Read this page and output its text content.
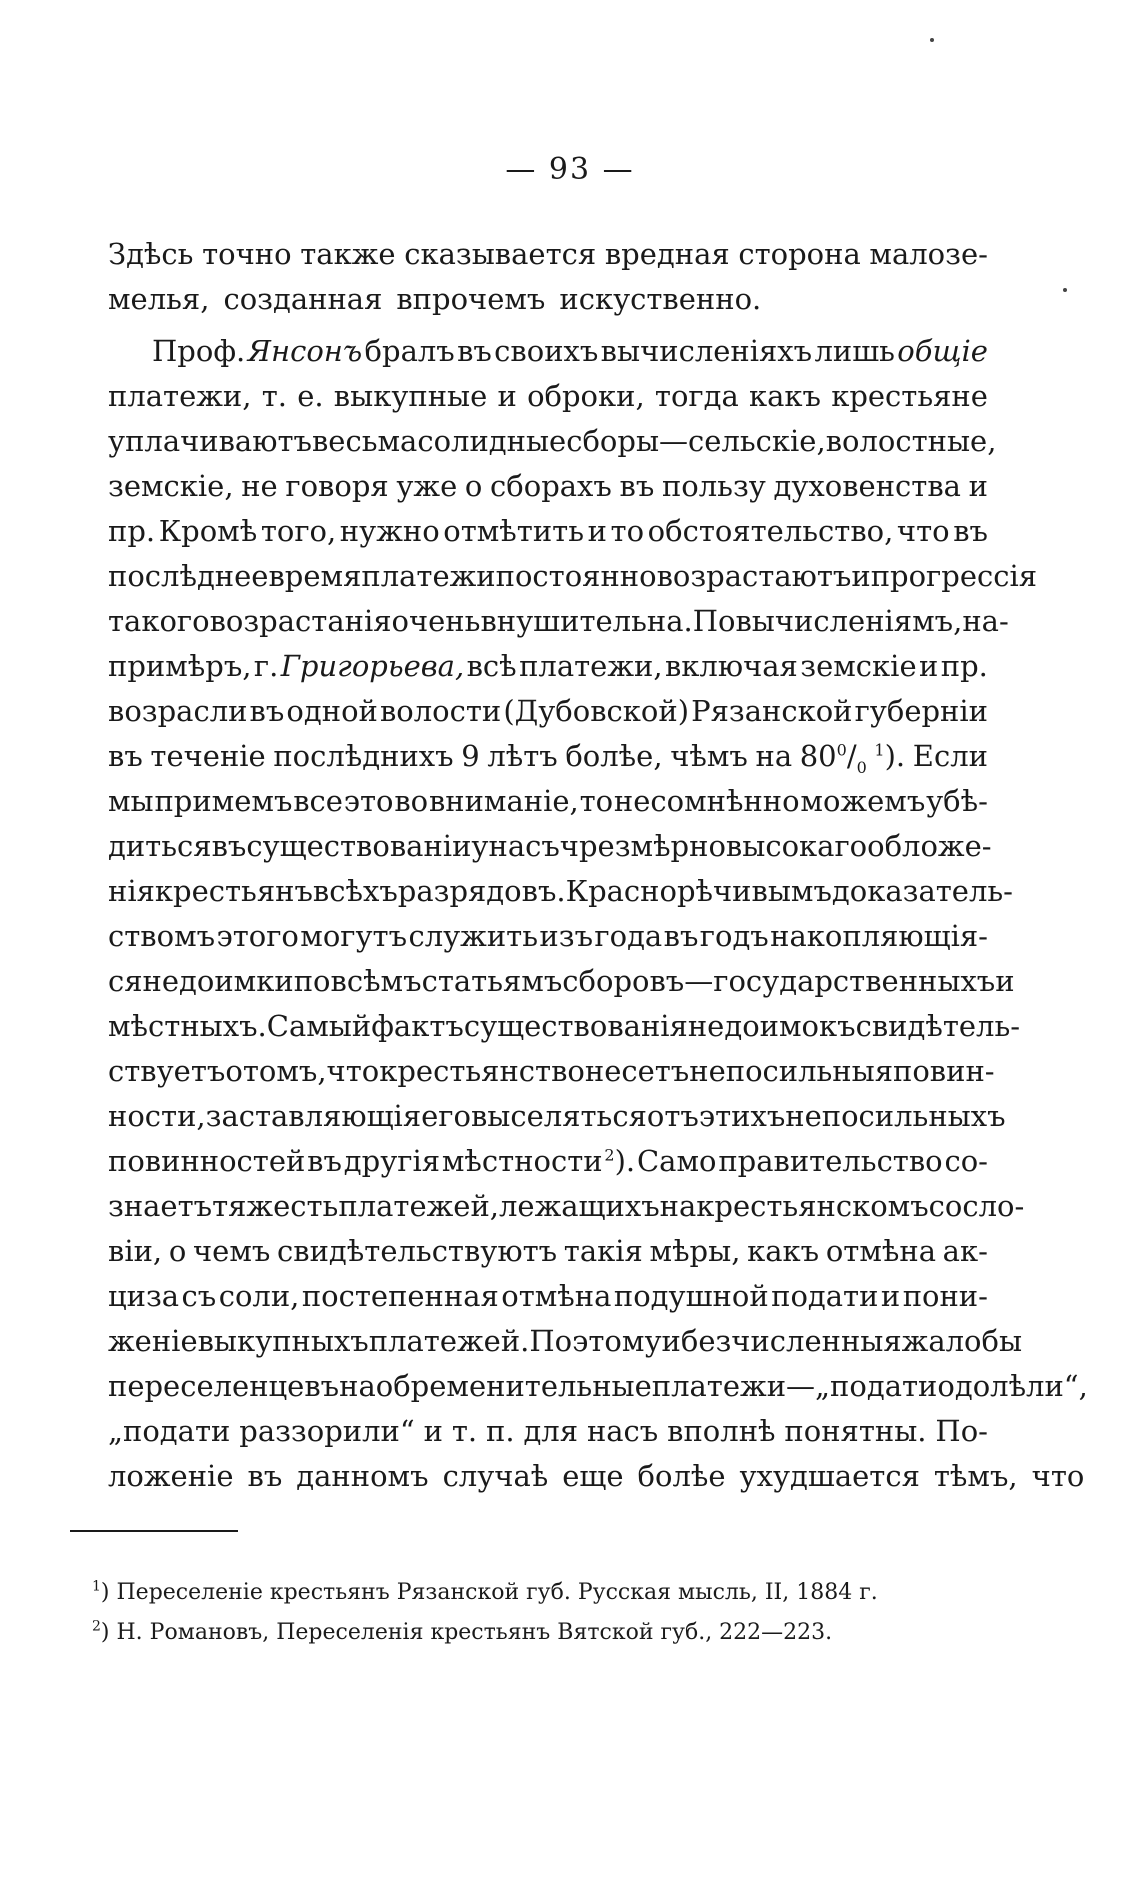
— 93 —
Здѣсь точно также сказывается вредная сторона малозе-
мелья, созданная впрочемъ искуственно.
Проф. Янсонъ бралъ въ своихъ вычисленіяхъ лишь общіе
платежи, т. е. выкупные и оброки, тогда какъ крестьяне
уплачиваютъ весьма солидные сборы—сельскіе, волостные,
земскіе, не говоря уже о сборахъ въ пользу духовенства и
пр. Кромѣ того, нужно отмѣтить и то обстоятельство, что въ
послѣднее время платежи постоянно возрастаютъ и прогрессія
такого возрастанія очень внушительна. По вычисленіямъ, на-
примѣръ, г. Григорьева, всѣ платежи, включая земскіе и пр.
возрасли въ одной волости (Дубовской) Рязанской губерніи
въ теченіе послѣднихъ 9 лѣтъ болѣе, чѣмъ на $80^0/_0$
$^1$). Если
мы примемъ все это во вниманіе, то несомнѣнно можемъ убѣ-
диться въ существованіи у насъ чрезмѣрно высокаго обложе-
нія крестьянъ всѣхъ разрядовъ. Краснорѣчивымъ доказатель-
ствомъ этого могутъ служить изъ года въ годъ накопляющія-
ся недоимки по всѣмъ статьямъ сборовъ—государственныхъ и
мѣстныхъ. Самый фактъ существованія недоимокъ свидѣтель-
ствуетъ о томъ, что крестьянство несетъ непосильныя повин-
ности, заставляющія его выселяться отъ этихъ непосильныхъ
повинностей въ другія мѣстности $^2$). Само правительство со-
знаетъ тяжесть платежей, лежащихъ на крестьянскомъ сосло-
віи, о чемъ свидѣтельствуютъ такія мѣры, какъ отмѣна ак-
циза съ соли, постепенная отмѣна подушной подати и пони-
женіе выкупныхъ платежей. Поэтому и безчисленныя жалобы
переселенцевъ на обременительные платежи — „подати одолѣли“,
„подати раззорили“ и т. п. для насъ вполнѣ понятны. По-
ложеніе въ данномъ случаѣ еще болѣе ухудшается тѣмъ, что
$^1$) Переселеніе крестьянъ Рязанской губ. Русская мысль, II, 1884 г.
$^2$) Н. Романовъ, Переселенія крестьянъ Вятской губ., 222—223.
